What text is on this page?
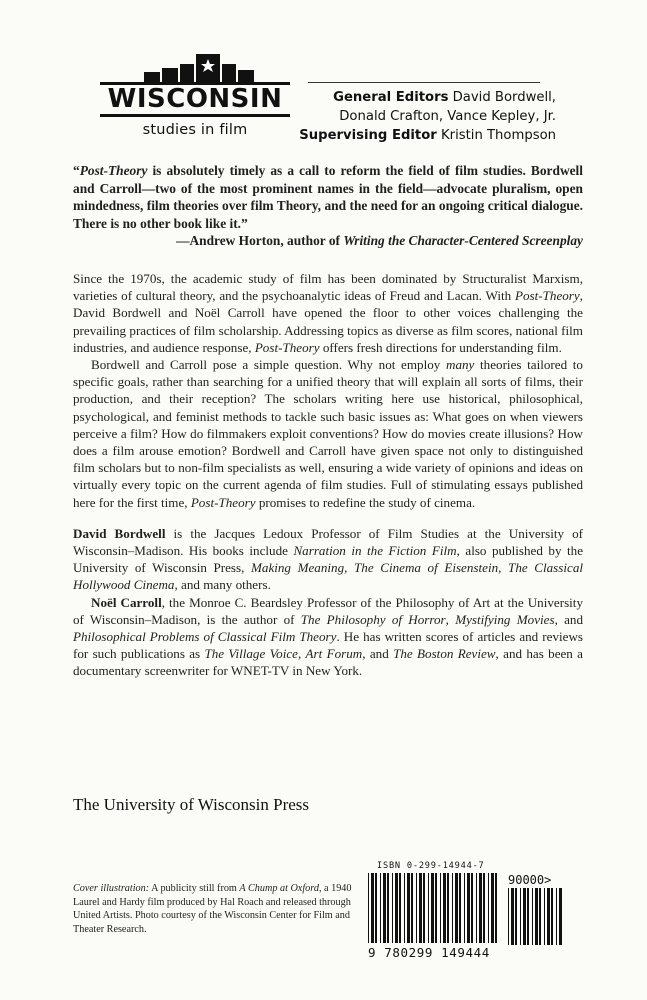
WISCONSIN
studies in film
General Editors David Bordwell,
Donald Crafton, Vance Kepley, Jr.
Supervising Editor Kristin Thompson

“Post-Theory is absolutely timely as a call to reform the field of film studies. Bordwell and Carroll—two of the most prominent names in the field—advocate pluralism, open mindedness, film theories over film Theory, and the need for an ongoing critical dialogue. There is no other book like it.”

—Andrew Horton, author of Writing the Character-Centered Screenplay

Since the 1970s, the academic study of film has been dominated by Structuralist Marxism, varieties of cultural theory, and the psychoanalytic ideas of Freud and Lacan. With Post-Theory, David Bordwell and Noël Carroll have opened the floor to other voices challenging the prevailing practices of film scholarship. Addressing topics as diverse as film scores, national film industries, and audience response, Post-Theory offers fresh directions for understanding film.

Bordwell and Carroll pose a simple question. Why not employ many theories tailored to specific goals, rather than searching for a unified theory that will explain all sorts of films, their production, and their reception? The scholars writing here use historical, philosophical, psychological, and feminist methods to tackle such basic issues as: What goes on when viewers perceive a film? How do filmmakers exploit conventions? How do movies create illusions? How does a film arouse emotion? Bordwell and Carroll have given space not only to distinguished film scholars but to non-film specialists as well, ensuring a wide variety of opinions and ideas on virtually every topic on the current agenda of film studies. Full of stimulating essays published here for the first time, Post-Theory promises to redefine the study of cinema.

David Bordwell is the Jacques Ledoux Professor of Film Studies at the University of Wisconsin–Madison. His books include Narration in the Fiction Film, also published by the University of Wisconsin Press, Making Meaning, The Cinema of Eisenstein, The Classical Hollywood Cinema, and many others.

Noël Carroll, the Monroe C. Beardsley Professor of the Philosophy of Art at the University of Wisconsin–Madison, is the author of The Philosophy of Horror, Mystifying Movies, and Philosophical Problems of Classical Film Theory. He has written scores of articles and reviews for such publications as The Village Voice, Art Forum, and The Boston Review, and has been a documentary screenwriter for WNET-TV in New York.

The University of Wisconsin Press
Cover illustration: A publicity still from A Chump at Oxford, a 1940 Laurel and Hardy film produced by Hal Roach and released through United Artists. Photo courtesy of the Wisconsin Center for Film and Theater Research.
ISBN 0-299-14944-7
9 780299 149444
90000>
